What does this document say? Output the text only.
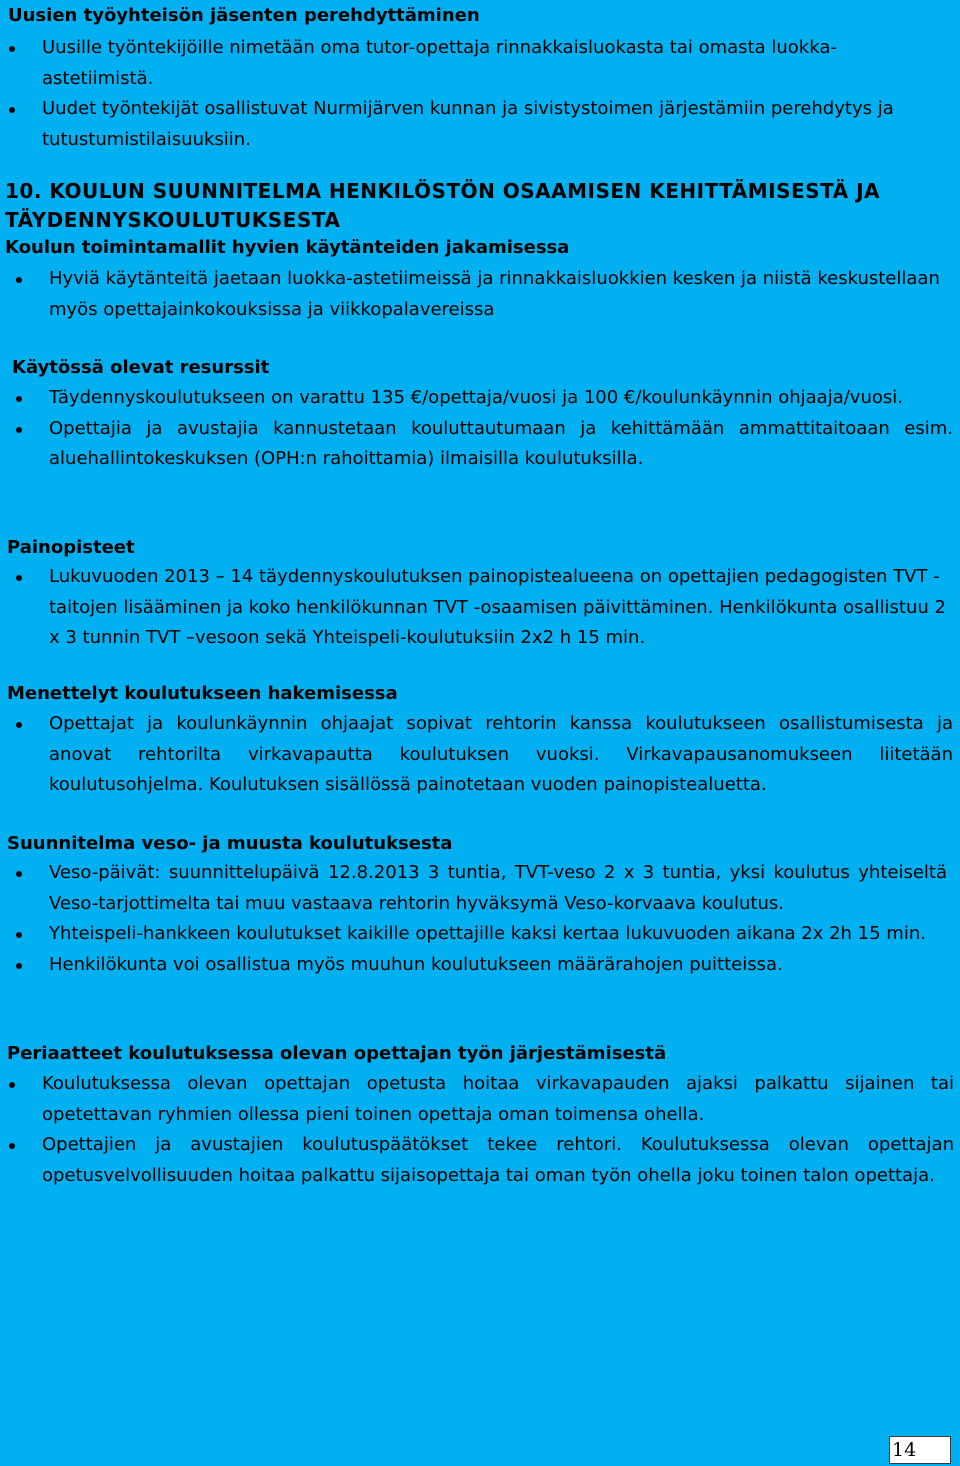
Uusien työyhteisön jäsenten perehdyttäminen
Uusille työntekijöille nimetään oma tutor-opettaja rinnakkaisluokasta tai omasta luokka-astetiimistä.
Uudet työntekijät osallistuvat Nurmijärven kunnan ja sivistystoimen järjestämiin perehdytys ja tutustumistilaisuuksiin.
10. KOULUN SUUNNITELMA HENKILÖSTÖN OSAAMISEN KEHITTÄMISESTÄ JA TÄYDENNYSKOULUTUKSESTA
Koulun toimintamallit hyvien käytänteiden jakamisessa
Hyviä käytänteitä jaetaan luokka-astetiimeissä ja rinnakkaisluokkien kesken ja niistä keskustellaan myös opettajainkokouksissa ja viikkopalavereissa
Käytössä olevat resurssit
Täydennyskoulutukseen on varattu 135 €/opettaja/vuosi ja 100 €/koulunkäynnin ohjaaja/vuosi.
Opettajia ja avustajia kannustetaan kouluttautumaan ja kehittämään ammattitaitoaan esim. aluehallintokeskuksen (OPH:n rahoittamia) ilmaisilla koulutuksilla.
Painopisteet
Lukuvuoden 2013 – 14 täydennyskoulutuksen painopistealueena on opettajien pedagogisten TVT -taitojen lisääminen ja koko henkilökunnan TVT -osaamisen päivittäminen. Henkilökunta osallistuu 2 x 3 tunnin TVT –vesoon sekä Yhteispeli-koulutuksiin 2x2 h 15 min.
Menettelyt koulutukseen hakemisessa
Opettajat ja koulunkäynnin ohjaajat sopivat rehtorin kanssa koulutukseen osallistumisesta ja anovat rehtorilta virkavapautta koulutuksen vuoksi. Virkavapausanomukseen liitetään koulutusohjelma. Koulutuksen sisällössä painotetaan vuoden painopistealuetta.
Suunnitelma veso- ja muusta koulutuksesta
Veso-päivät: suunnittelupäivä 12.8.2013 3 tuntia, TVT-veso 2 x 3 tuntia, yksi koulutus yhteiseltä Veso-tarjottimelta tai muu vastaava rehtorin hyväksymä Veso-korvaava koulutus.
Yhteispeli-hankkeen koulutukset kaikille opettajille kaksi kertaa lukuvuoden aikana 2x 2h 15 min.
Henkilökunta voi osallistua myös muuhun koulutukseen määrärahojen puitteissa.
Periaatteet koulutuksessa olevan opettajan työn järjestämisestä
Koulutuksessa olevan opettajan opetusta hoitaa virkavapauden ajaksi palkattu sijainen tai opetettavan ryhmien ollessa pieni toinen opettaja oman toimensa ohella.
Opettajien ja avustajien koulutuspäätökset tekee rehtori. Koulutuksessa olevan opettajan opetusvelvollisuuden hoitaa palkattu sijaisopettaja tai oman työn ohella joku toinen talon opettaja.
14
